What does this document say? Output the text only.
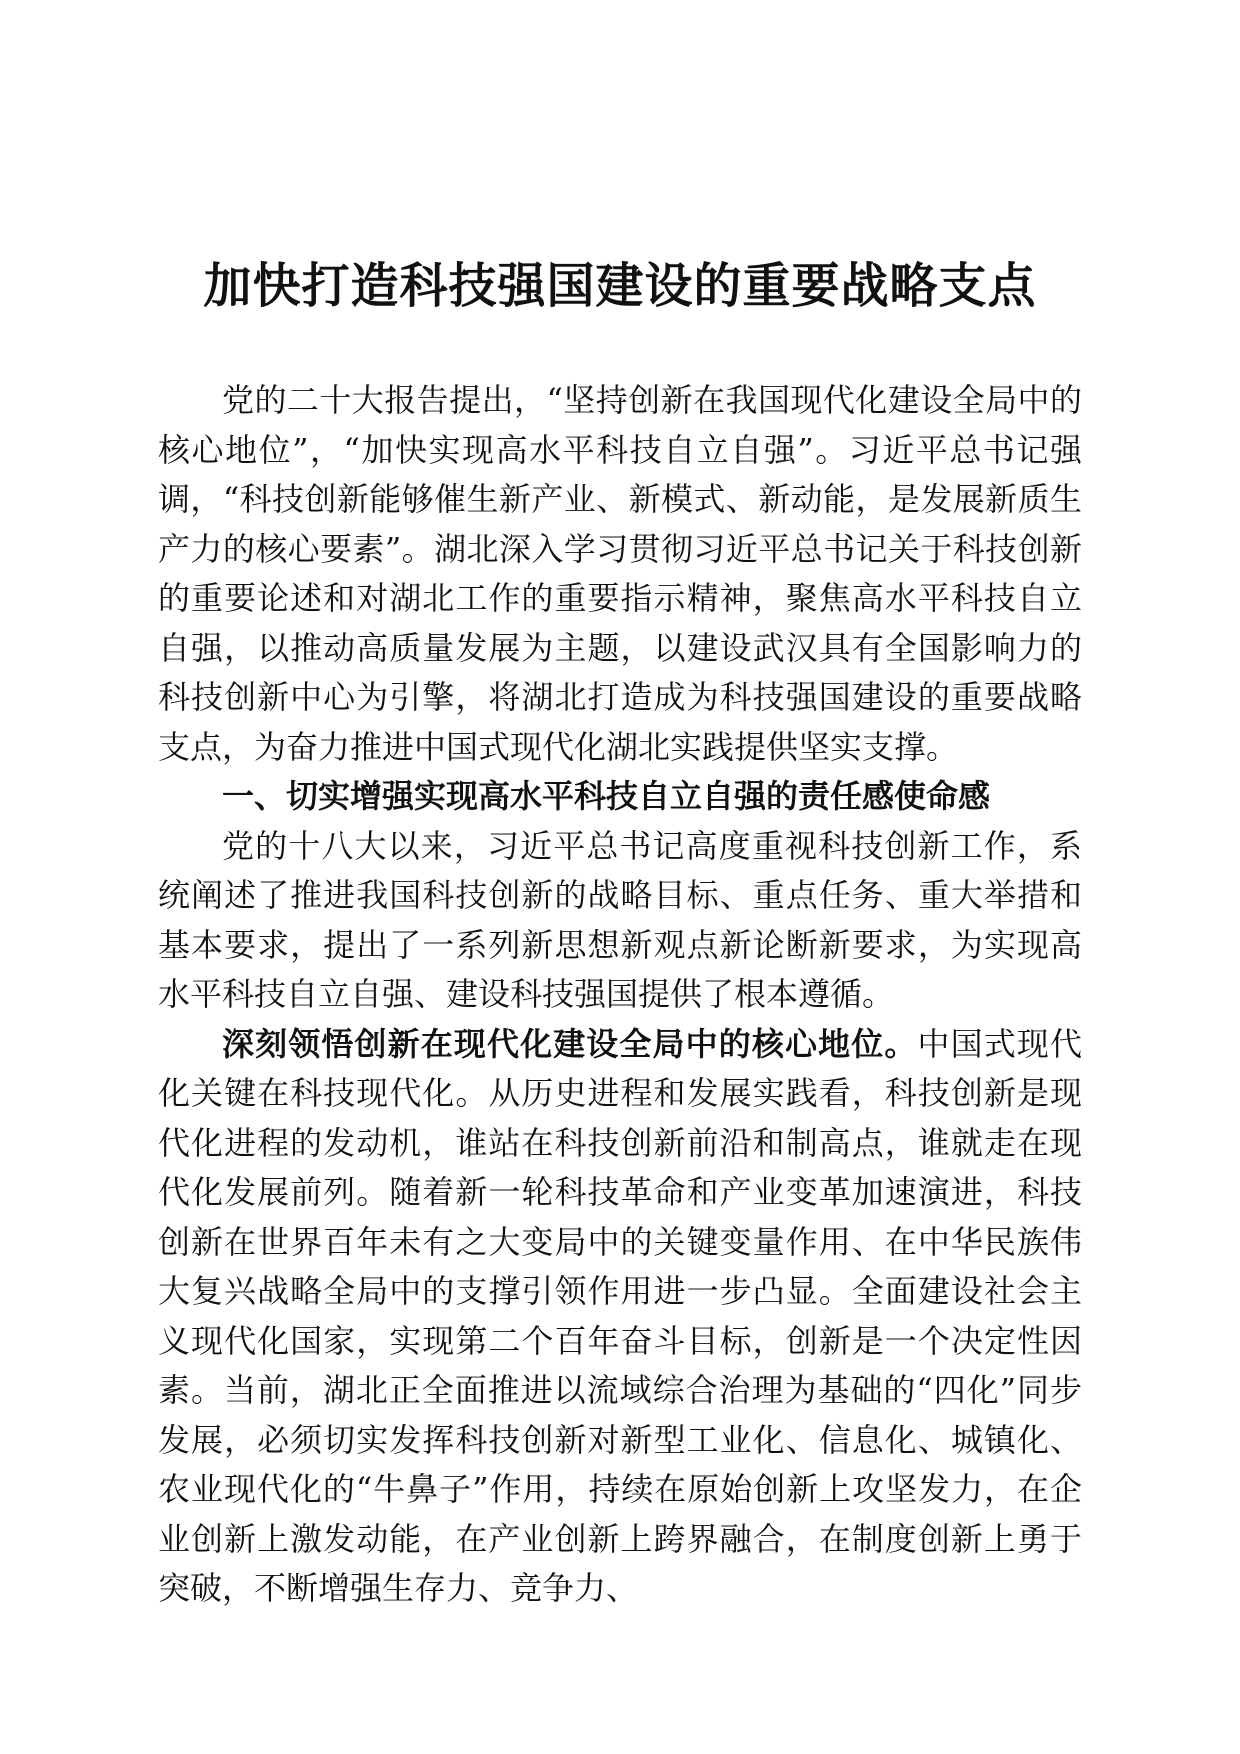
加快打造科技强国建设的重要战略支点

党的二十大报告提出，“坚持创新在我国现代化建设全局中的核心地位”，“加快实现高水平科技自立自强”。习近平总书记强调，“科技创新能够催生新产业、新模式、新动能，是发展新质生产力的核心要素”。湖北深入学习贯彻习近平总书记关于科技创新的重要论述和对湖北工作的重要指示精神，聚焦高水平科技自立自强，以推动高质量发展为主题，以建设武汉具有全国影响力的科技创新中心为引擎，将湖北打造成为科技强国建设的重要战略支点，为奋力推进中国式现代化湖北实践提供坚实支撑。

一、切实增强实现高水平科技自立自强的责任感使命感

党的十八大以来，习近平总书记高度重视科技创新工作，系统阐述了推进我国科技创新的战略目标、重点任务、重大举措和基本要求，提出了一系列新思想新观点新论断新要求，为实现高水平科技自立自强、建设科技强国提供了根本遵循。

深刻领悟创新在现代化建设全局中的核心地位。中国式现代化关键在科技现代化。从历史进程和发展实践看，科技创新是现代化进程的发动机，谁站在科技创新前沿和制高点，谁就走在现代化发展前列。随着新一轮科技革命和产业变革加速演进，科技创新在世界百年未有之大变局中的关键变量作用、在中华民族伟大复兴战略全局中的支撑引领作用进一步凸显。全面建设社会主义现代化国家，实现第二个百年奋斗目标，创新是一个决定性因素。当前，湖北正全面推进以流域综合治理为基础的“四化”同步发展，必须切实发挥科技创新对新型工业化、信息化、城镇化、农业现代化的“牛鼻子”作用，持续在原始创新上攻坚发力，在企业创新上激发动能，在产业创新上跨界融合，在制度创新上勇于突破，不断增强生存力、竞争力、
